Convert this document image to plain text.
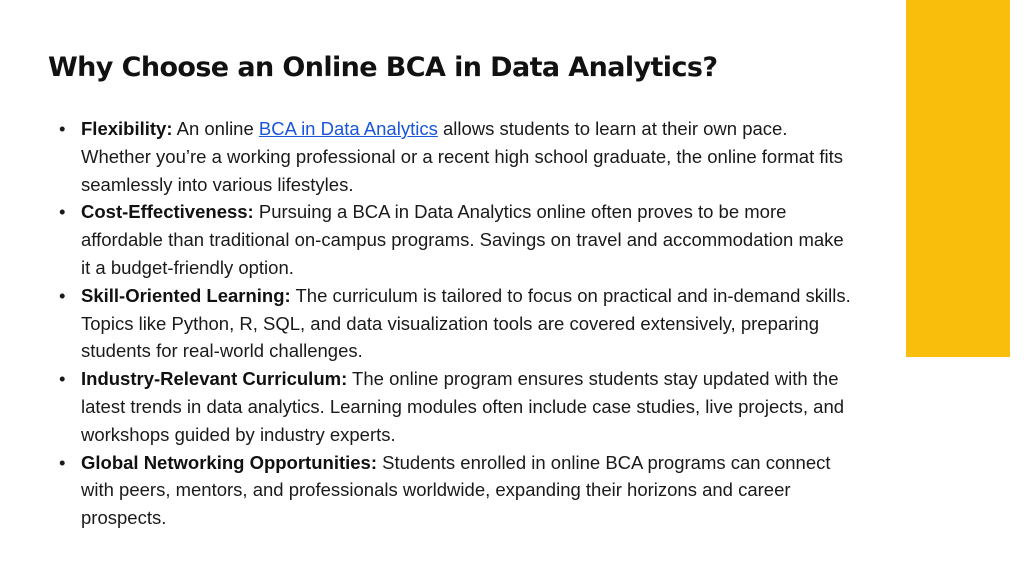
Why Choose an Online BCA in Data Analytics?
• Flexibility: An online BCA in Data Analytics allows students to learn at their own pace. Whether you’re a working professional or a recent high school graduate, the online format fits seamlessly into various lifestyles.
• Cost-Effectiveness: Pursuing a BCA in Data Analytics online often proves to be more affordable than traditional on-campus programs. Savings on travel and accommodation make it a budget-friendly option.
• Skill-Oriented Learning: The curriculum is tailored to focus on practical and in-demand skills. Topics like Python, R, SQL, and data visualization tools are covered extensively, preparing students for real-world challenges.
• Industry-Relevant Curriculum: The online program ensures students stay updated with the latest trends in data analytics. Learning modules often include case studies, live projects, and workshops guided by industry experts.
• Global Networking Opportunities: Students enrolled in online BCA programs can connect with peers, mentors, and professionals worldwide, expanding their horizons and career prospects.
